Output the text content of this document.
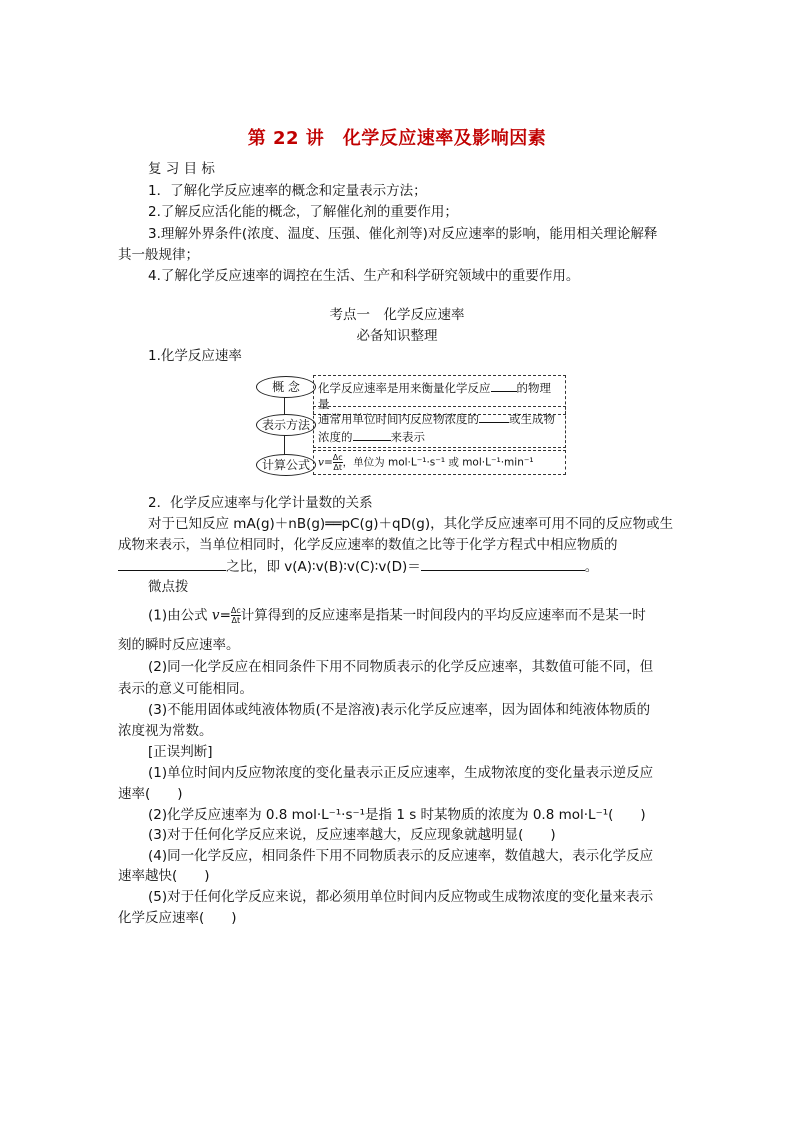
第 22 讲　化学反应速率及影响因素
复 习 目 标
1．了解化学反应速率的概念和定量表示方法；
2.了解反应活化能的概念，了解催化剂的重要作用；
3.理解外界条件(浓度、温度、压强、催化剂等)对反应速率的影响，能用相关理论解释
其一般规律；
4.了解化学反应速率的调控在生活、生产和科学研究领域中的重要作用。
考点一　化学反应速率
必备知识整理
1.化学反应速率
概 念	化学反应速率是用来衡量化学反应 的物理量
表示方法 通常用单位时间内反应物浓度的	或生成物
浓度的	来表示
计算公式 $v= \frac{\Delta c}{\Delta t}$ ，单位为 mol·L⁻¹·s⁻¹ 或 mol·L⁻¹·min⁻¹
2．化学反应速率与化学计量数的关系
对于已知反应 mA(g)＋nB(g)══pC(g)＋qD(g)，其化学反应速率可用不同的反应物或生
成物来表示，当单位相同时，化学反应速率的数值之比等于化学方程式中相应物质的
之比，即 v(A)∶v(B)∶v(C)∶v(D)＝	。
微点拨
(1)由公式 $v= \frac{\Delta c}{\Delta t}$ 计算得到的反应速率是指某一时间段内的平均反应速率而不是某一时
刻的瞬时反应速率。
(2)同一化学反应在相同条件下用不同物质表示的化学反应速率，其数值可能不同，但
表示的意义可能相同。
(3)不能用固体或纯液体物质(不是溶液)表示化学反应速率，因为固体和纯液体物质的
浓度视为常数。
[正误判断]
(1)单位时间内反应物浓度的变化量表示正反应速率，生成物浓度的变化量表示逆反应
速率(　　)
(2)化学反应速率为 0.8 mol·L⁻¹·s⁻¹是指 1 s 时某物质的浓度为 0.8 mol·L⁻¹(　　)
(3)对于任何化学反应来说，反应速率越大，反应现象就越明显(　　)
(4)同一化学反应，相同条件下用不同物质表示的反应速率，数值越大，表示化学反应
速率越快(　　)
(5)对于任何化学反应来说，都必须用单位时间内反应物或生成物浓度的变化量来表示
化学反应速率(　　)
